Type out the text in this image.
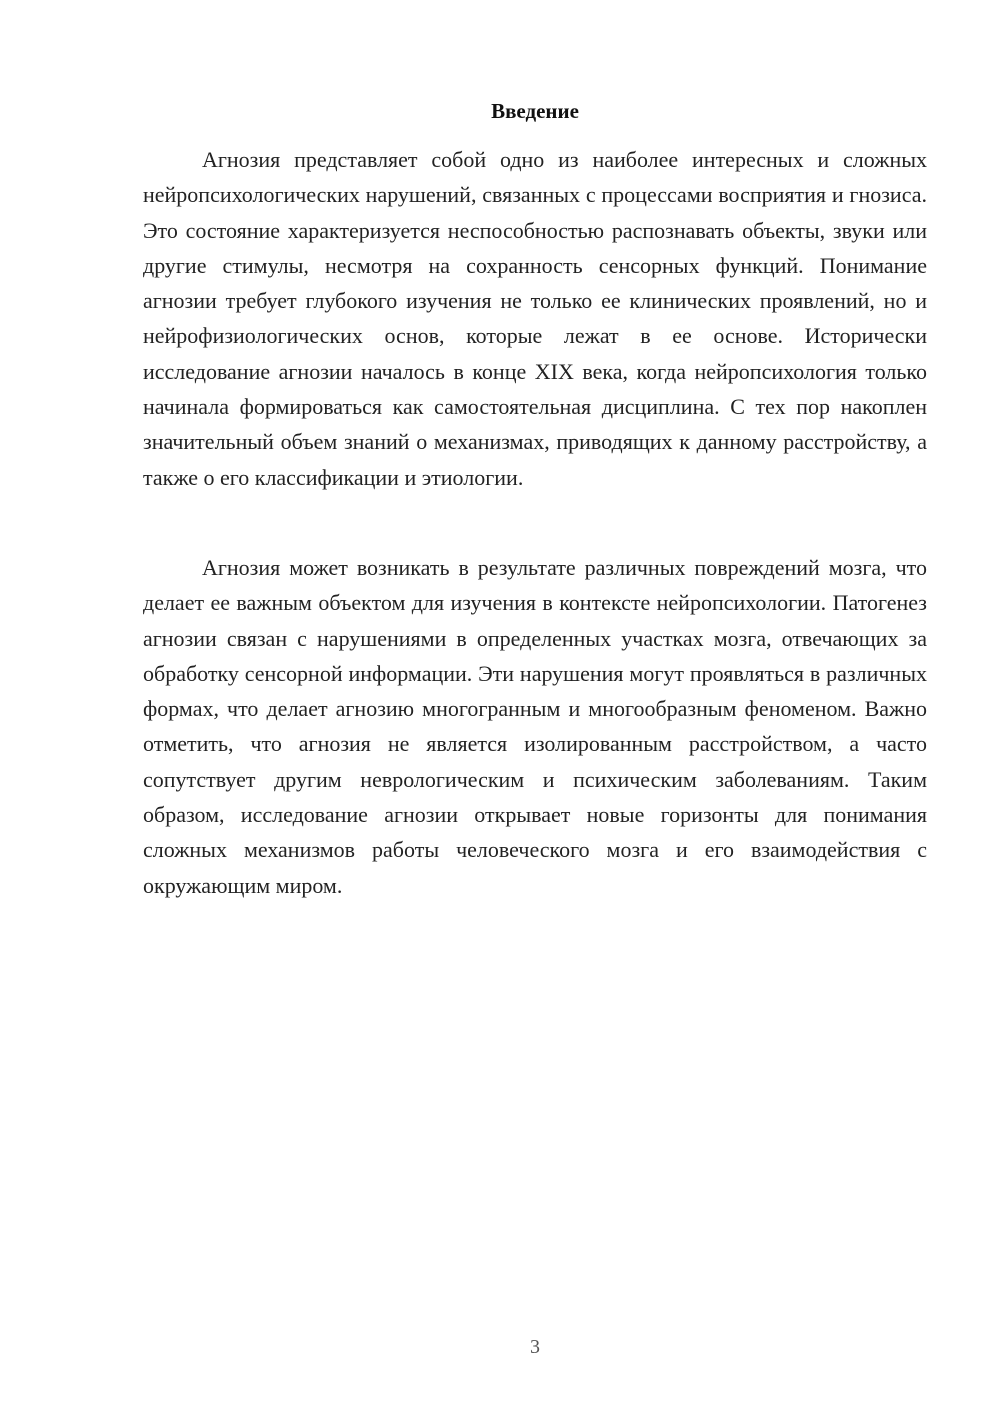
Введение

Агнозия представляет собой одно из наиболее интересных и сложных нейропсихологических нарушений, связанных с процессами восприятия и гнозиса. Это состояние характеризуется неспособностью распознавать объекты, звуки или другие стимулы, несмотря на сохранность сенсорных функций. Понимание агнозии требует глубокого изучения не только ее клинических проявлений, но и нейрофизиологических основ, которые лежат в ее основе. Исторически исследование агнозии началось в конце XIX века, когда нейропсихология только начинала формироваться как самостоятельная дисциплина. С тех пор накоплен значительный объем знаний о механизмах, приводящих к данному расстройству, а также о его классификации и этиологии.

Агнозия может возникать в результате различных повреждений мозга, что делает ее важным объектом для изучения в контексте нейропсихологии. Патогенез агнозии связан с нарушениями в определенных участках мозга, отвечающих за обработку сенсорной информации. Эти нарушения могут проявляться в различных формах, что делает агнозию многогранным и многообразным феноменом. Важно отметить, что агнозия не является изолированным расстройством, а часто сопутствует другим неврологическим и психическим заболеваниям. Таким образом, исследование агнозии открывает новые горизонты для понимания сложных механизмов работы человеческого мозга и его взаимодействия с окружающим миром.

3
